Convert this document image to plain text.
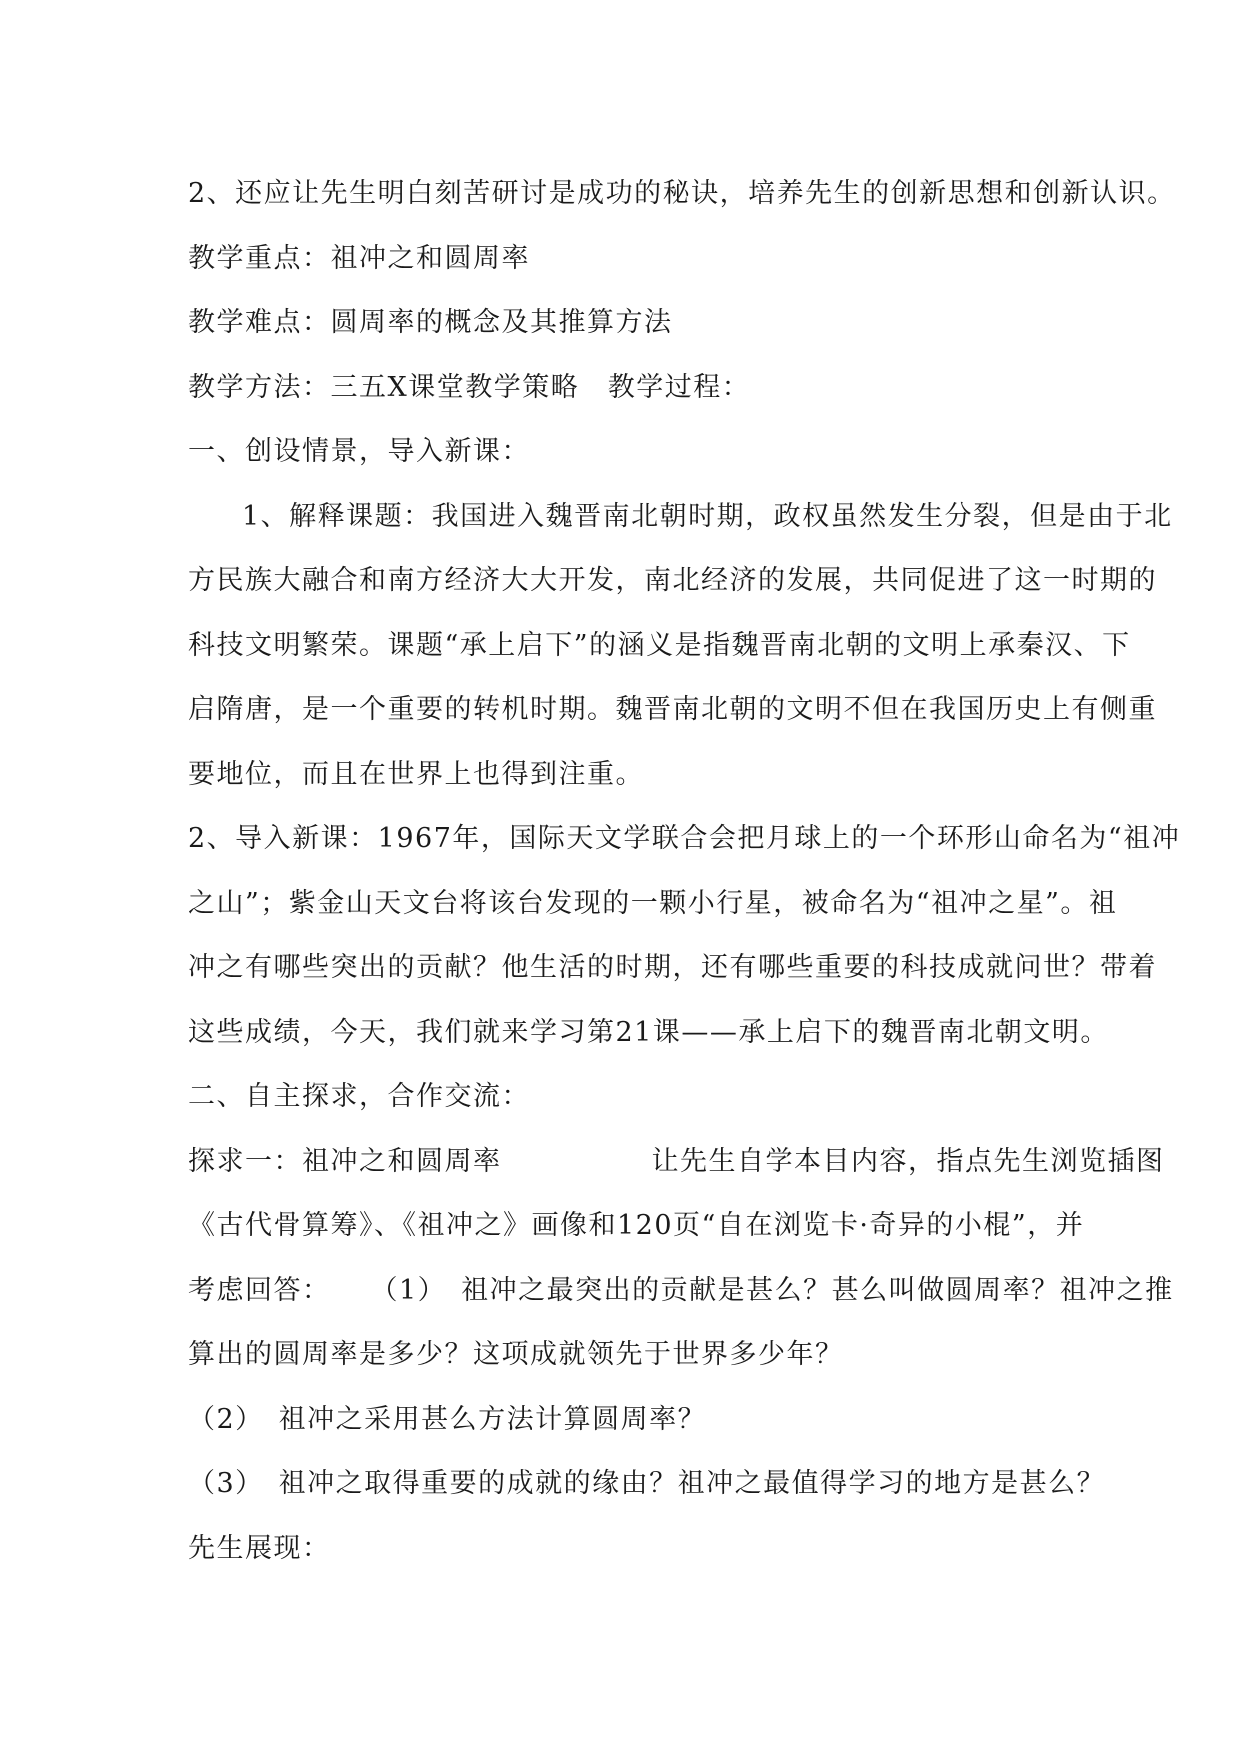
2、还应让先生明白刻苦研讨是成功的秘诀，培养先生的创新思想和创新认识。
教学重点：祖冲之和圆周率
教学难点：圆周率的概念及其推算方法
教学方法：三五X课堂教学策略　教学过程：
一、创设情景，导入新课：
1、解释课题：我国进入魏晋南北朝时期，政权虽然发生分裂，但是由于北
方民族大融合和南方经济大大开发，南北经济的发展，共同促进了这一时期的
科技文明繁荣。课题“承上启下”的涵义是指魏晋南北朝的文明上承秦汉、下
启隋唐，是一个重要的转机时期。魏晋南北朝的文明不但在我国历史上有侧重
要地位，而且在世界上也得到注重。
2、导入新课：1967年，国际天文学联合会把月球上的一个环形山命名为“祖冲
之山”；紫金山天文台将该台发现的一颗小行星，被命名为“祖冲之星”。祖
冲之有哪些突出的贡献？他生活的时期，还有哪些重要的科技成就问世？带着
这些成绩，今天，我们就来学习第21课——承上启下的魏晋南北朝文明。
二、自主探求，合作交流：
探求一：祖冲之和圆周率	让先生自学本目内容，指点先生浏览插图
《古代骨算筹》、《祖冲之》画像和120页“自在浏览卡·奇异的小棍”，并
考虑回答： （1）　祖冲之最突出的贡献是甚么？甚么叫做圆周率？祖冲之推
算出的圆周率是多少？这项成就领先于世界多少年？
（2）　祖冲之采用甚么方法计算圆周率？
（3）　祖冲之取得重要的成就的缘由？祖冲之最值得学习的地方是甚么？
先生展现：
